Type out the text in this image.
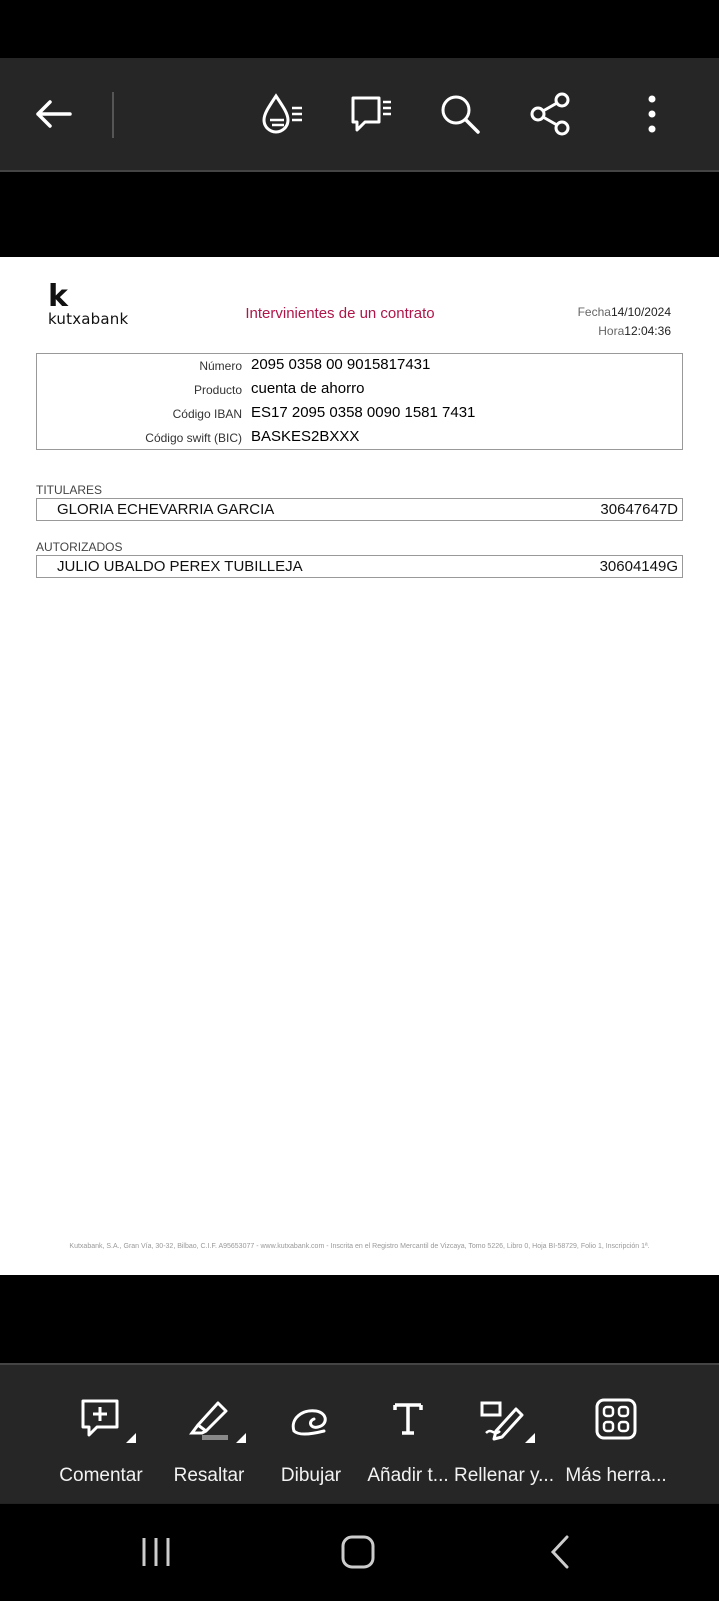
k
kutxabank	Intervinientes de un contrato	Fecha14/10/2024
Hora12:04:36
Número 2095 0358 00 9015817431
Producto cuenta de ahorro
Código IBAN ES17 2095 0358 0090 1581 7431
Código swift (BIC) BASKES2BXXX
TITULARES
GLORIA ECHEVARRIA GARCIA	30647647D
AUTORIZADOS
JULIO UBALDO PEREX TUBILLEJA	30604149G
Kutxabank, S.A., Gran Vía, 30-32, Bilbao, C.I.F. A95653077 - www.kutxabank.com - Inscrita en el Registro Mercantil de Vizcaya, Tomo 5226, Libro 0, Hoja BI-58729, Folio 1, Inscripción 1ª.
Comentar	Resaltar	Dibujar	Añadir t... Rellenar y... Más herra...
